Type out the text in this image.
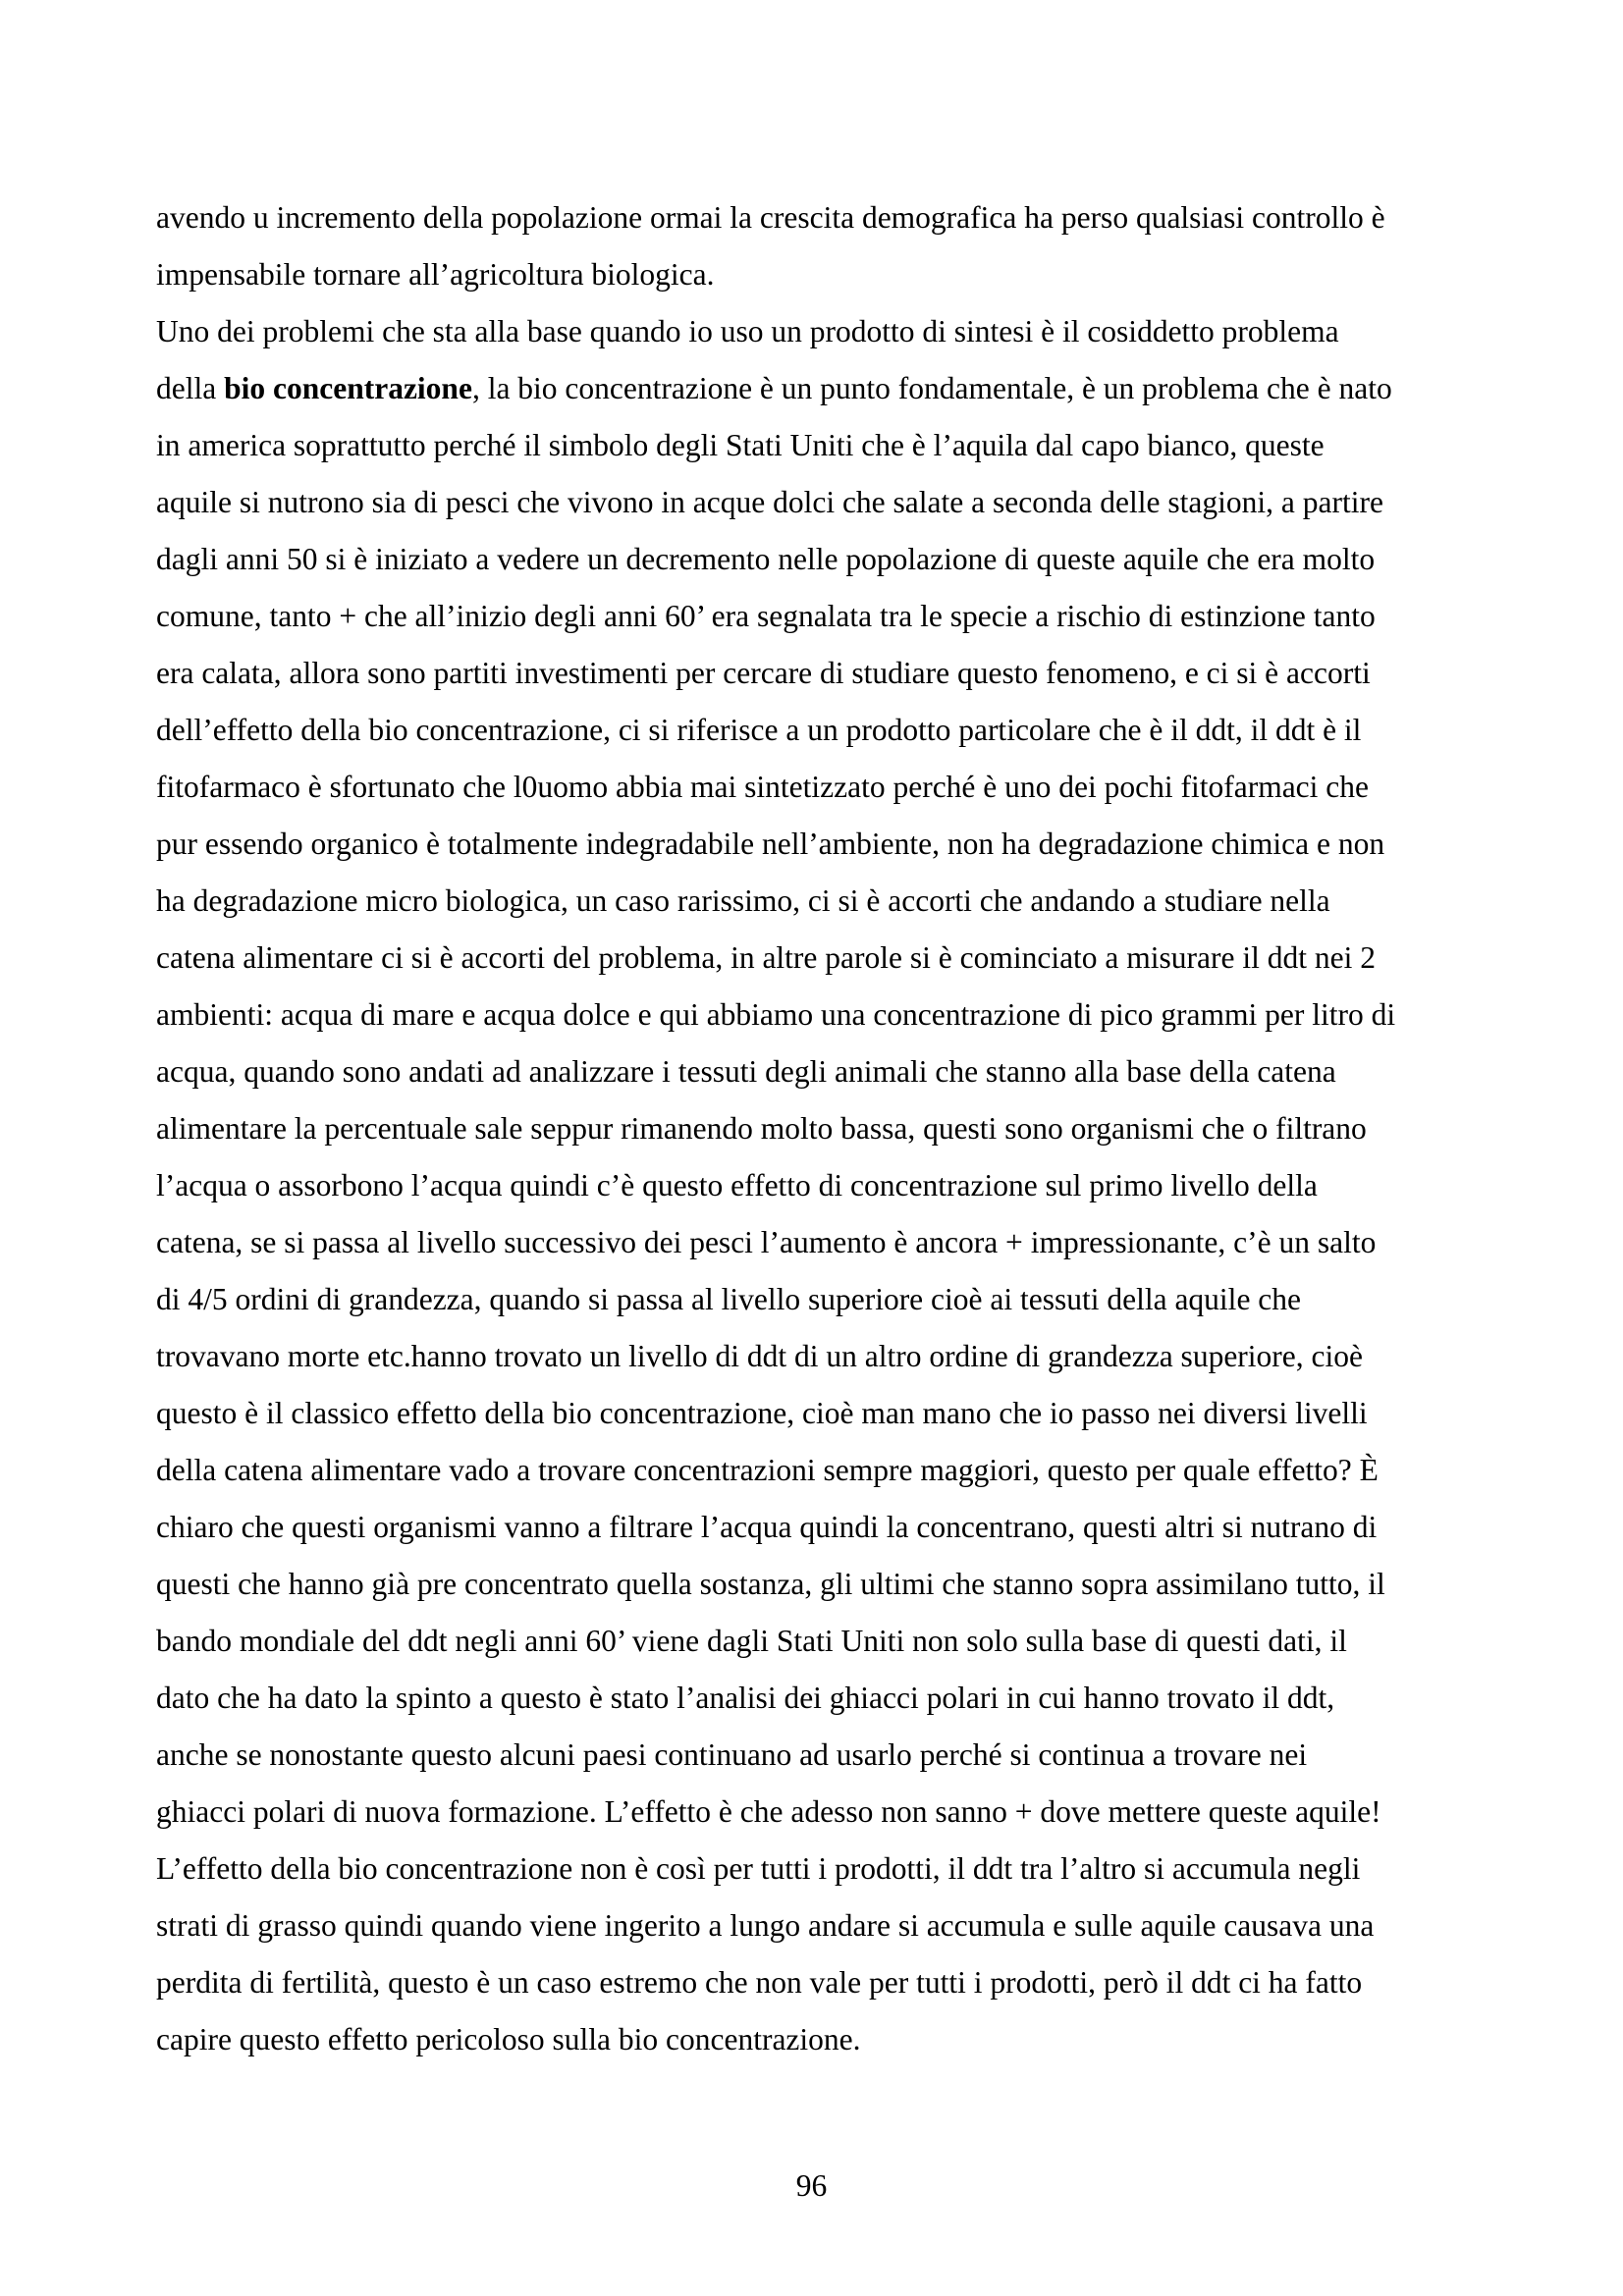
avendo u incremento della popolazione ormai la crescita demografica ha perso qualsiasi controllo è
impensabile tornare all’agricoltura biologica.
Uno dei problemi che sta alla base quando io uso un prodotto di sintesi è il cosiddetto problema
della bio concentrazione, la bio concentrazione è un punto fondamentale, è un problema che è nato
in america soprattutto perché il simbolo degli Stati Uniti che è l’aquila dal capo bianco, queste
aquile si nutrono sia di pesci che vivono in acque dolci che salate a seconda delle stagioni, a partire
dagli anni 50 si è iniziato a vedere un decremento nelle popolazione di queste aquile che era molto
comune, tanto + che all’inizio degli anni 60’ era segnalata tra le specie a rischio di estinzione tanto
era calata, allora sono partiti investimenti per cercare di studiare questo fenomeno, e ci si è accorti
dell’effetto della bio concentrazione, ci si riferisce a un prodotto particolare che è il ddt, il ddt è il
fitofarmaco è sfortunato che l0uomo abbia mai sintetizzato perché è uno dei pochi fitofarmaci che
pur essendo organico è totalmente indegradabile nell’ambiente, non ha degradazione chimica e non
ha degradazione micro biologica, un caso rarissimo, ci si è accorti che andando a studiare nella
catena alimentare ci si è accorti del problema, in altre parole si è cominciato a misurare il ddt nei 2
ambienti: acqua di mare e acqua dolce e qui abbiamo una concentrazione di pico grammi per litro di
acqua, quando sono andati ad analizzare i tessuti degli animali che stanno alla base della catena
alimentare la percentuale sale seppur rimanendo molto bassa, questi sono organismi che o filtrano
l’acqua o assorbono l’acqua quindi c’è questo effetto di concentrazione sul primo livello della
catena, se si passa al livello successivo dei pesci l’aumento è ancora + impressionante, c’è un salto
di 4/5 ordini di grandezza, quando si passa al livello superiore cioè ai tessuti della aquile che
trovavano morte etc.hanno trovato un livello di ddt di un altro ordine di grandezza superiore, cioè
questo è il classico effetto della bio concentrazione, cioè man mano che io passo nei diversi livelli
della catena alimentare vado a trovare concentrazioni sempre maggiori, questo per quale effetto? È
chiaro che questi organismi vanno a filtrare l’acqua quindi la concentrano, questi altri si nutrano di
questi che hanno già pre concentrato quella sostanza, gli ultimi che stanno sopra assimilano tutto, il
bando mondiale del ddt negli anni 60’ viene dagli Stati Uniti non solo sulla base di questi dati, il
dato che ha dato la spinto a questo è stato l’analisi dei ghiacci polari in cui hanno trovato il ddt,
anche se nonostante questo alcuni paesi continuano ad usarlo perché si continua a trovare nei
ghiacci polari di nuova formazione. L’effetto è che adesso non sanno + dove mettere queste aquile!
L’effetto della bio concentrazione non è così per tutti i prodotti, il ddt tra l’altro si accumula negli
strati di grasso quindi quando viene ingerito a lungo andare si accumula e sulle aquile causava una
perdita di fertilità, questo è un caso estremo che non vale per tutti i prodotti, però il ddt ci ha fatto
capire questo effetto pericoloso sulla bio concentrazione.
96
